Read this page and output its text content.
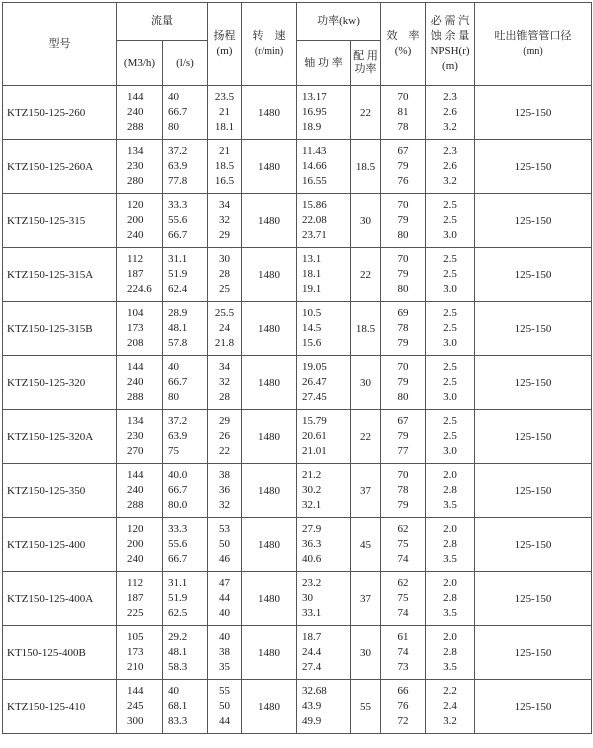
型号	流量		扬程
(m)	转　速
(r/min)	功率(kw)		效　率
(%)	必 需 汽
蚀 余 量
NPSH(r)
(m)	吐出锥管管口径
(mn)

	(M3/h)	(l/s)			轴 功 率	配 用 功率			
KTZ150-125-260	144
240
288	40
66.7
80	23.5
21
18.1	1480	13.17
16.95
18.9	22	70
81
78	2.3
2.6
3.2	125-150
KTZ150-125-260A	134
230
280	37.2
63.9
77.8	21
18.5
16.5	1480	11.43
14.66
16.55	18.5	67
79
76	2.3
2.6
3.2	125-150
KTZ150-125-315	120
200
240	33.3
55.6
66.7	34
32
29	1480	15.86
22.08
23.71	30	70
79
80	2.5
2.5
3.0	125-150
KTZ150-125-315A	112
187
224.6	31.1
51.9
62.4	30
28
25	1480	13.1
18.1
19.1	22	70
79
80	2.5
2.5
3.0	125-150
KTZ150-125-315B	104
173
208	28.9
48.1
57.8	25.5
24
21.8	1480	10.5
14.5
15.6	18.5	69
78
79	2.5
2.5
3.0	125-150
KTZ150-125-320	144
240
288	40
66.7
80	34
32
28	1480	19.05
26.47
27.45	30	70
79
80	2.5
2.5
3.0	125-150
KTZ150-125-320A	134
230
270	37.2
63.9
75	29
26
22	1480	15.79
20.61
21.01	22	67
79
77	2.5
2.5
3.0	125-150
KTZ150-125-350	144
240
288	40.0
66.7
80.0	38
36
32	1480	21.2
30.2
32.1	37	70
78
79	2.0
2.8
3.5	125-150
KTZ150-125-400	120
200
240	33.3
55.6
66.7	53
50
46	1480	27.9
36.3
40.6	45	62
75
74	2.0
2.8
3.5	125-150
KTZ150-125-400A	112
187
225	31.1
51.9
62.5	47
44
40	1480	23.2
30
33.1	37	62
75
74	2.0
2.8
3.5	125-150
KT150-125-400B	105
173
210	29.2
48.1
58.3	40
38
35	1480	18.7
24.4
27.4	30	61
74
73	2.0
2.8
3.5	125-150
KTZ150-125-410	144
245
300	40
68.1
83.3	55
50
44	1480	32.68
43.9
49.9	55	66
76
72	2.2
2.4
3.2	125-150
